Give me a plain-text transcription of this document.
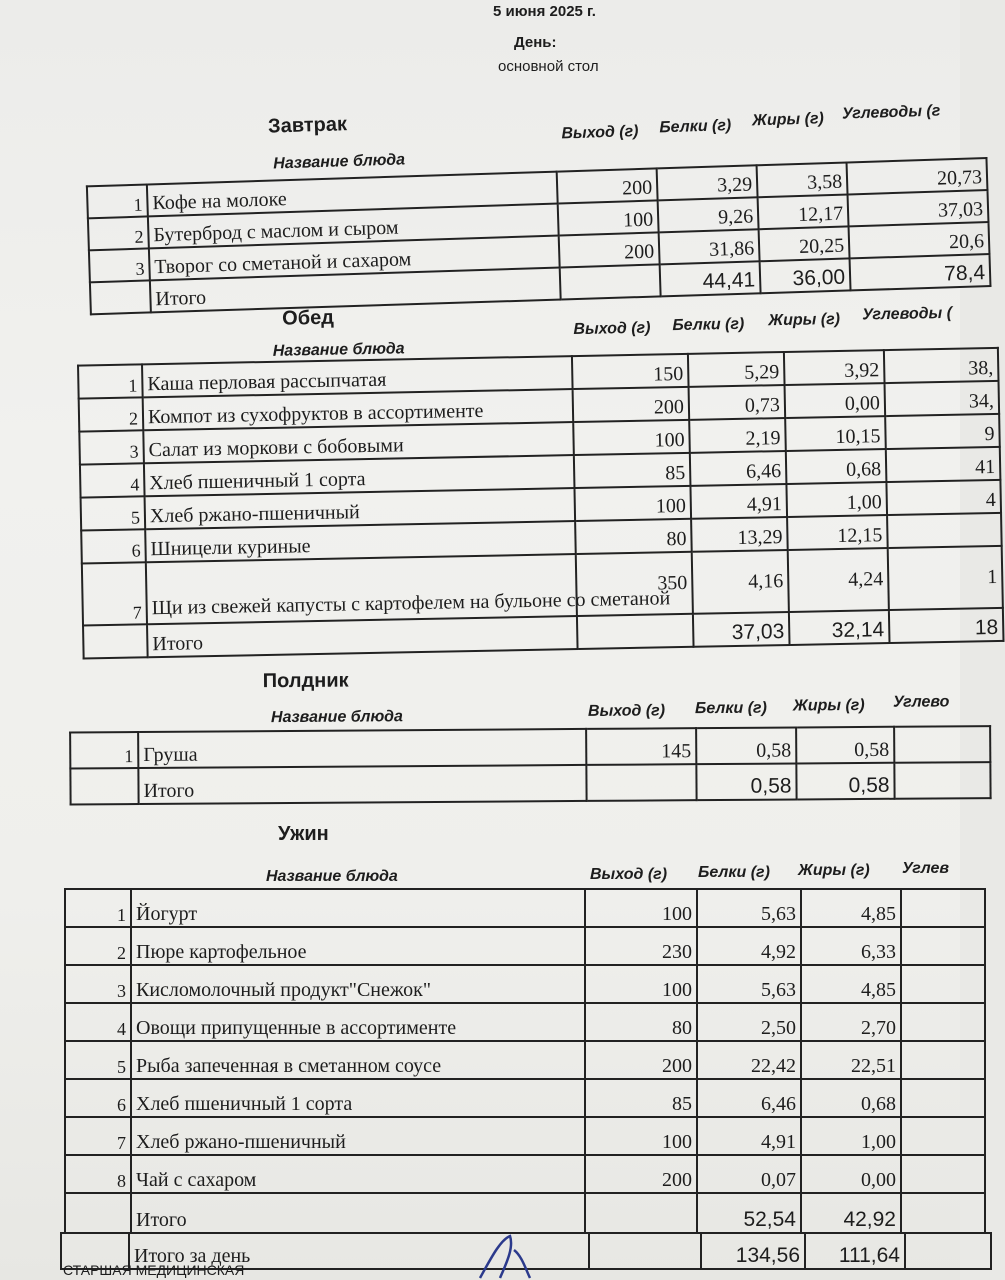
5 июня 2025 г.
День:
основной стол
Завтрак
Название блюда
Выход (г) Белки (г) Жиры (г) Углеводы (г
1	Кофе на молоке	200	3,29	3,58	20,73
2	Бутерброд с маслом и сыром	100	9,26	12,17	37,03
3	Творог со сметаной и сахаром	200	31,86	20,25	20,6
	Итого		44,41	36,00	78,4
Обед
Название блюда
Выход (г) Белки (г) Жиры (г) Углеводы (
1	Каша перловая рассыпчатая	150	5,29	3,92	38,
2	Компот из сухофруктов в ассортименте	200	0,73	0,00	34,
3	Салат из моркови с бобовыми	100	2,19	10,15	9
4	Хлеб пшеничный 1 сорта	85	6,46	0,68	41
5	Хлеб ржано-пшеничный	100	4,91	1,00	4
6	Шницели куриные	80	13,29	12,15	
7	Щи из свежей капусты с картофелем на бульоне со сметаной	350	4,16	4,24	1
	Итого		37,03	32,14	18
Полдник
Название блюда	Выход (г) Белки (г) Жиры (г) Углево
1	Груша	145	0,58	0,58	
	Итого		0,58	0,58	
Ужин
Название блюда	Выход (г) Белки (г) Жиры (г) Углев
1	Йогурт	100	5,63	4,85	
2	Пюре картофельное	230	4,92	6,33	
3	Кисломолочный продукт"Снежок"	100	5,63	4,85	
4	Овощи припущенные в ассортименте	80	2,50	2,70	
5	Рыба запеченная в сметанном соусе	200	22,42	22,51	
6	Хлеб пшеничный 1 сорта	85	6,46	0,68	
7	Хлеб ржано-пшеничный	100	4,91	1,00	
8	Чай с сахаром	200	0,07	0,00	
	Итого		52,54	42,92	
	Итого за день		134,56	111,64	
СТАРШАЯ МЕДИЦИНСКАЯ
